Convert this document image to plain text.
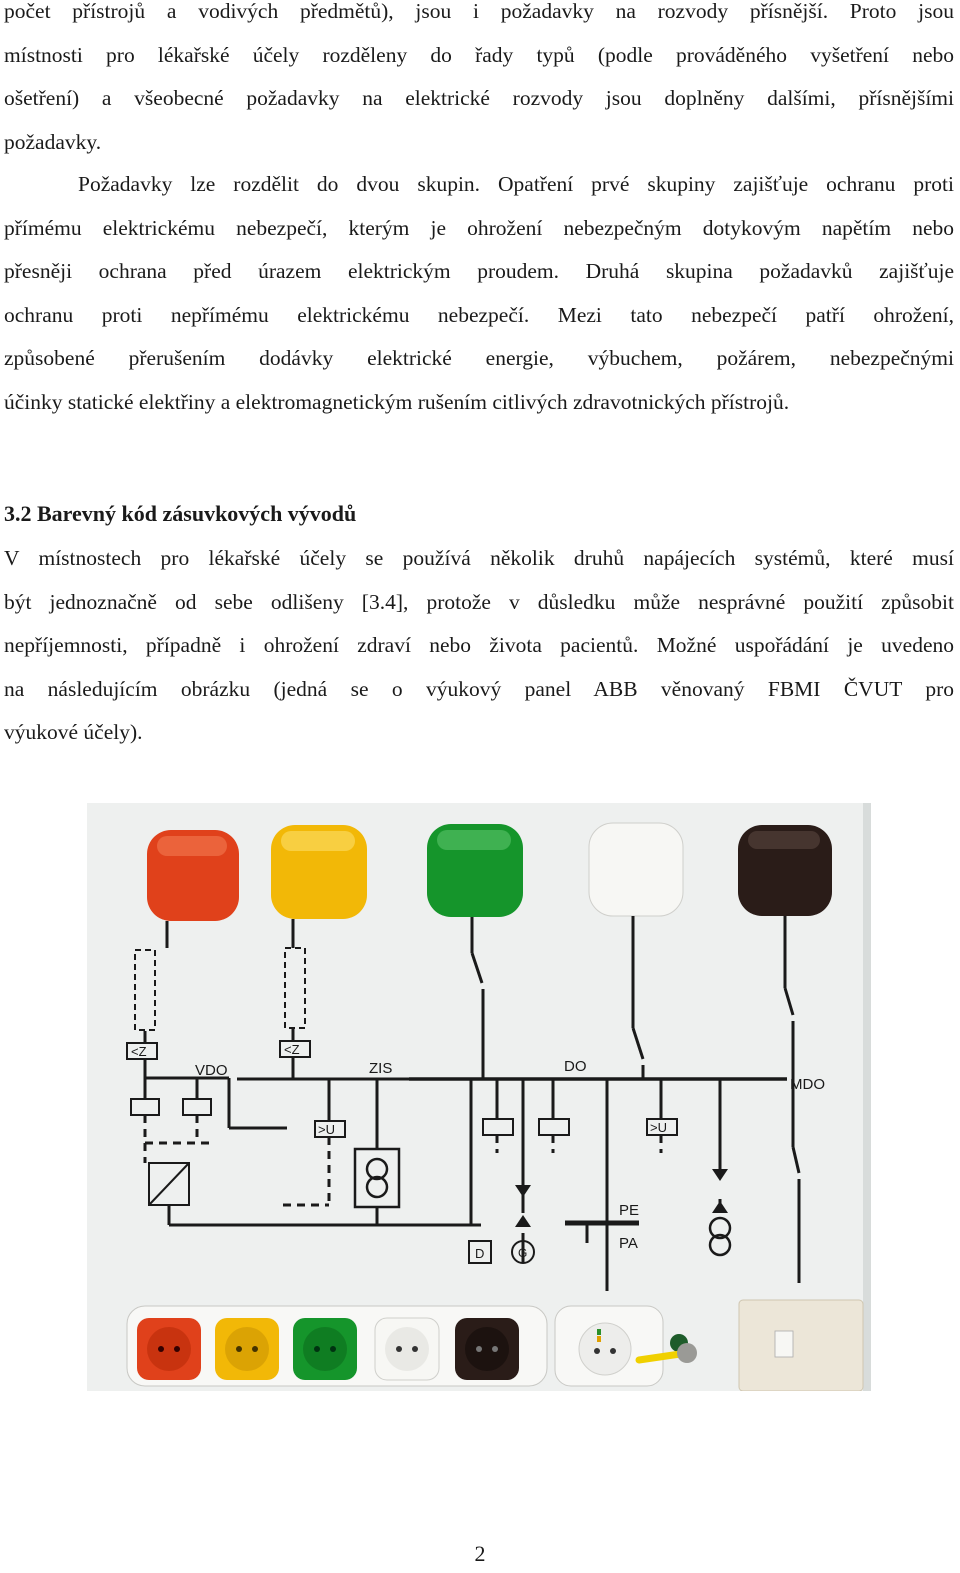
počet přístrojů a vodivých předmětů), jsou i požadavky na rozvody přísnější. Proto jsou
místnosti pro lékařské účely rozděleny do řady typů (podle prováděného vyšetření nebo
ošetření) a všeobecné požadavky na elektrické rozvody jsou doplněny dalšími, přísnějšími
požadavky.
Požadavky lze rozdělit do dvou skupin. Opatření prvé skupiny zajišťuje ochranu proti
přímému elektrickému nebezpečí, kterým je ohrožení nebezpečným dotykovým napětím nebo
přesněji ochrana před úrazem elektrickým proudem. Druhá skupina požadavků zajišťuje
ochranu proti nepřímému elektrickému nebezpečí. Mezi tato nebezpečí patří ohrožení,
způsobené přerušením dodávky elektrické energie, výbuchem, požárem, nebezpečnými
účinky statické elektřiny a elektromagnetickým rušením citlivých zdravotnických přístrojů.
3.2 Barevný kód zásuvkových vývodů
V místnostech pro lékařské účely se používá několik druhů napájecích systémů, které musí
být jednoznačně od sebe odlišeny [3.4], protože v důsledku může nesprávné použití způsobit
nepříjemnosti, případně i ohrožení zdraví nebo života pacientů. Možné uspořádání je uvedeno
na následujícím obrázku (jedná se o výukový panel ABB věnovaný FBMI ČVUT pro
výukové účely).
VDO	ZIS	DO
MDO
PE
PA
<Z	<Z
>U	>U
D	G
2
